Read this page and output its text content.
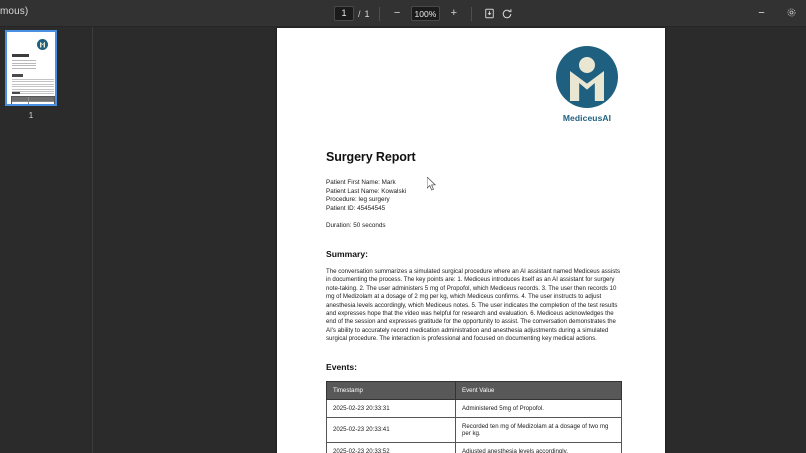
mous)
1	/ 1	−	100%	+
1	MediceusAI
Surgery Report
Patient First Name: Mark
Patient Last Name: Kowalski
Procedure: leg surgery
Patient ID: 45454545
Duration: 50 seconds
Summary:

The conversation summarizes a simulated surgical procedure where an AI assistant named Mediceus assists in documenting the process. The key points are: 1. Mediceus introduces itself as an AI assistant for surgery note-taking. 2. The user administers 5 mg of Propofol, which Mediceus records. 3. The user then records 10 mg of Medizolam at a dosage of 2 mg per kg, which Mediceus confirms. 4. The user instructs to adjust anesthesia levels accordingly, which Mediceus notes. 5. The user indicates the completion of the test results and expresses hope that the video was helpful for research and evaluation. 6. Mediceus acknowledges the end of the session and expresses gratitude for the opportunity to assist. The conversation demonstrates the AI's ability to accurately record medication administration and anesthesia adjustments during a simulated surgical procedure. The interaction is professional and focused on documenting key medical actions.

Events:
Timestamp	Event Value
2025-02-23 20:33:31	Administered 5mg of Propofol.
2025-02-23 20:33:41	Recorded ten mg of Medizolam at a dosage of two mg per kg.
2025-02-23 20:33:52	Adjusted anesthesia levels accordingly.
